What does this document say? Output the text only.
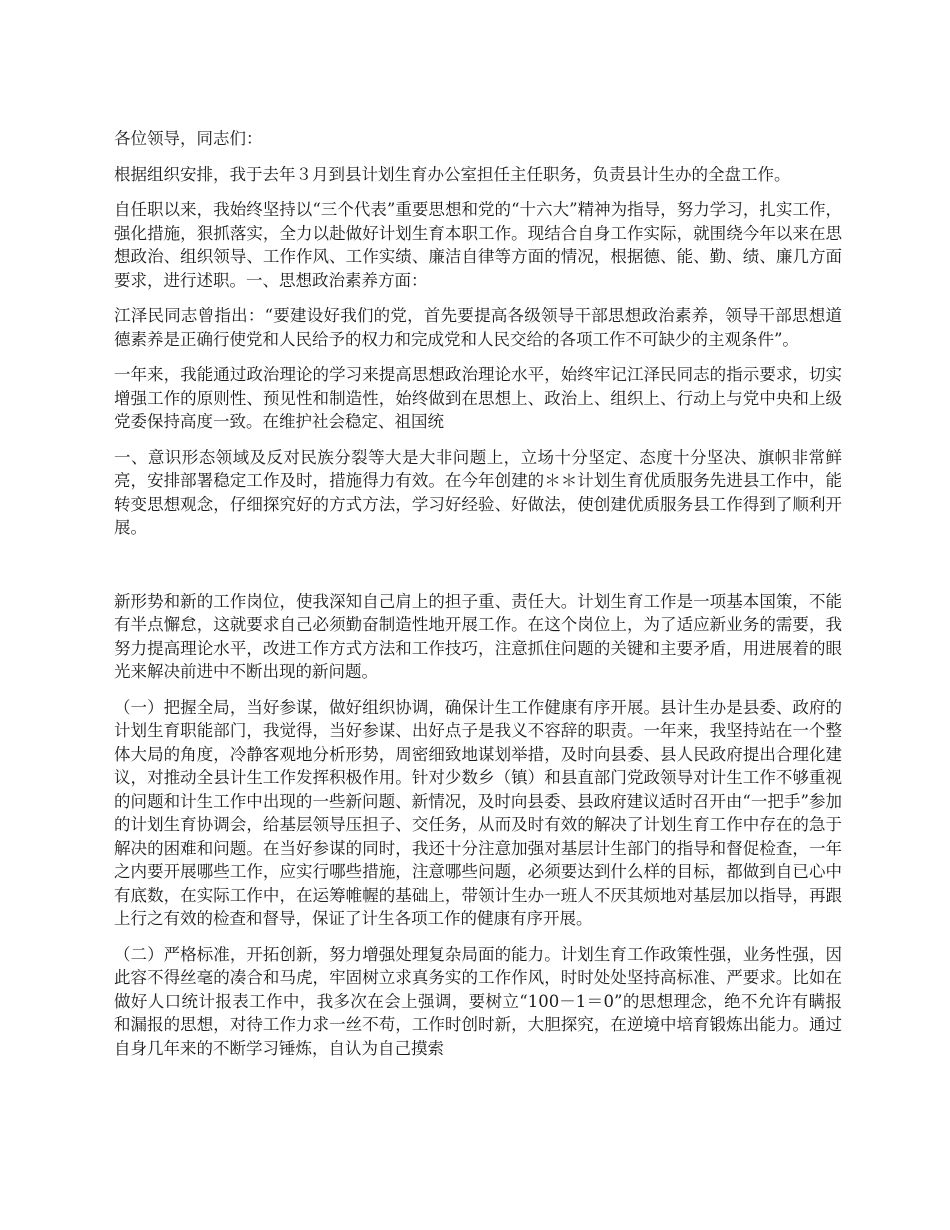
各位领导，同志们：

根据组织安排，我于去年３月到县计划生育办公室担任主任职务，负责县计生办的全盘工作。

自任职以来，我始终坚持以“三个代表”重要思想和党的“十六大”精神为指导，努力学习，扎实工作，强化措施，狠抓落实，全力以赴做好计划生育本职工作。现结合自身工作实际，就围绕今年以来在思想政治、组织领导、工作作风、工作实绩、廉洁自律等方面的情况，根据德、能、勤、绩、廉几方面要求，进行述职。一、思想政治素养方面：

江泽民同志曾指出：“要建设好我们的党，首先要提高各级领导干部思想政治素养，领导干部思想道德素养是正确行使党和人民给予的权力和完成党和人民交给的各项工作不可缺少的主观条件”。

一年来，我能通过政治理论的学习来提高思想政治理论水平，始终牢记江泽民同志的指示要求，切实增强工作的原则性、预见性和制造性，始终做到在思想上、政治上、组织上、行动上与党中央和上级党委保持高度一致。在维护社会稳定、祖国统

一、意识形态领域及反对民族分裂等大是大非问题上，立场十分坚定、态度十分坚决、旗帜非常鲜亮，安排部署稳定工作及时，措施得力有效。在今年创建的＊＊计划生育优质服务先进县工作中，能转变思想观念，仔细探究好的方式方法，学习好经验、好做法，使创建优质服务县工作得到了顺利开展。

新形势和新的工作岗位，使我深知自己肩上的担子重、责任大。计划生育工作是一项基本国策，不能有半点懈怠，这就要求自己必须勤奋制造性地开展工作。在这个岗位上，为了适应新业务的需要，我努力提高理论水平，改进工作方式方法和工作技巧，注意抓住问题的关键和主要矛盾，用进展着的眼光来解决前进中不断出现的新问题。

（一）把握全局，当好参谋，做好组织协调，确保计生工作健康有序开展。县计生办是县委、政府的计划生育职能部门，我觉得，当好参谋、出好点子是我义不容辞的职责。一年来，我坚持站在一个整体大局的角度，冷静客观地分析形势，周密细致地谋划举措，及时向县委、县人民政府提出合理化建议，对推动全县计生工作发挥积极作用。针对少数乡（镇）和县直部门党政领导对计生工作不够重视的问题和计生工作中出现的一些新问题、新情况，及时向县委、县政府建议适时召开由“一把手”参加的计划生育协调会，给基层领导压担子、交任务，从而及时有效的解决了计划生育工作中存在的急于解决的困难和问题。在当好参谋的同时，我还十分注意加强对基层计生部门的指导和督促检查，一年之内要开展哪些工作，应实行哪些措施，注意哪些问题，必须要达到什么样的目标，都做到自已心中有底数，在实际工作中，在运筹帷幄的基础上，带领计生办一班人不厌其烦地对基层加以指导，再跟上行之有效的检查和督导，保证了计生各项工作的健康有序开展。

（二）严格标准，开拓创新，努力增强处理复杂局面的能力。计划生育工作政策性强，业务性强，因此容不得丝毫的凑合和马虎，牢固树立求真务实的工作作风，时时处处坚持高标准、严要求。比如在做好人口统计报表工作中，我多次在会上强调，要树立“100－1＝0”的思想理念，绝不允许有瞒报和漏报的思想，对待工作力求一丝不苟，工作时创时新，大胆探究，在逆境中培育锻炼出能力。通过自身几年来的不断学习锤炼，自认为自己摸索
